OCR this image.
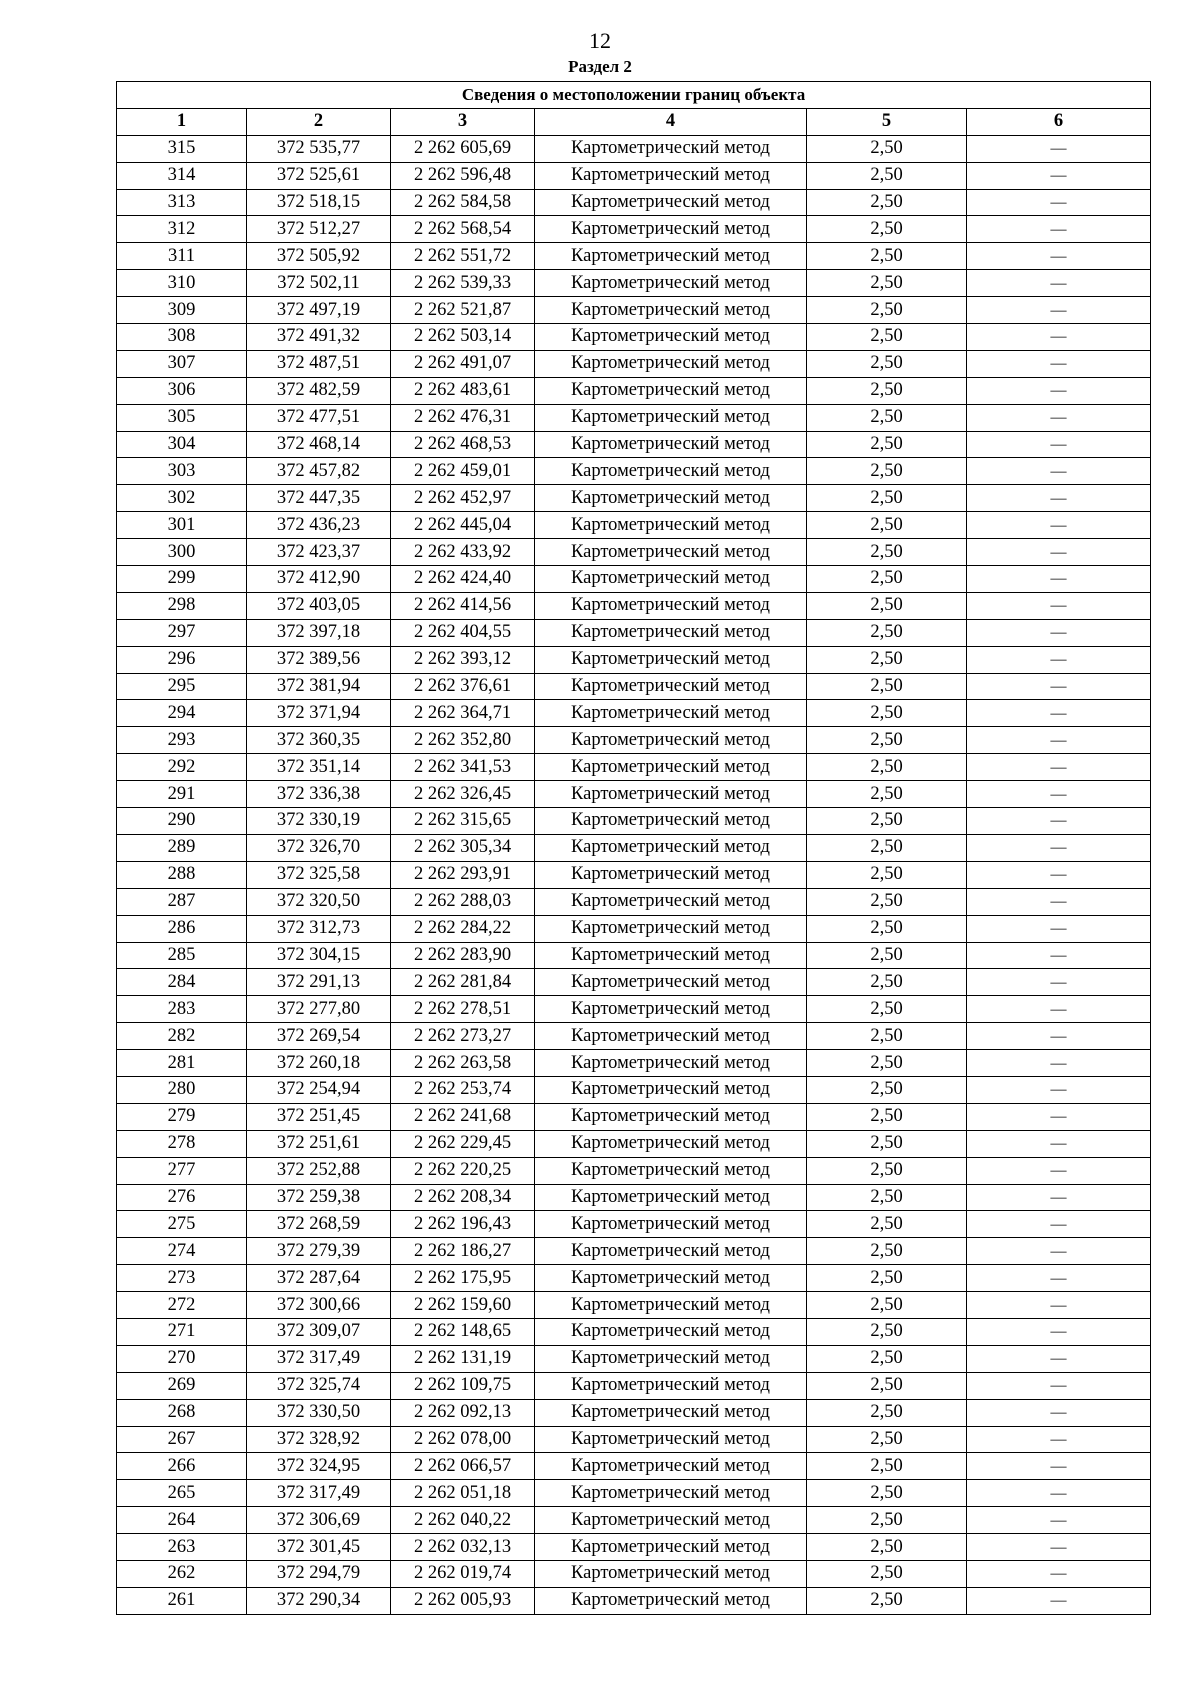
12
Раздел 2
Сведения о местоположении границ объекта					
1	2	3	4	5	6
315	372 535,77	2 262 605,69	Картометрический метод	2,50	—
314	372 525,61	2 262 596,48	Картометрический метод	2,50	—
313	372 518,15	2 262 584,58	Картометрический метод	2,50	—
312	372 512,27	2 262 568,54	Картометрический метод	2,50	—
311	372 505,92	2 262 551,72	Картометрический метод	2,50	—
310	372 502,11	2 262 539,33	Картометрический метод	2,50	—
309	372 497,19	2 262 521,87	Картометрический метод	2,50	—
308	372 491,32	2 262 503,14	Картометрический метод	2,50	—
307	372 487,51	2 262 491,07	Картометрический метод	2,50	—
306	372 482,59	2 262 483,61	Картометрический метод	2,50	—
305	372 477,51	2 262 476,31	Картометрический метод	2,50	—
304	372 468,14	2 262 468,53	Картометрический метод	2,50	—
303	372 457,82	2 262 459,01	Картометрический метод	2,50	—
302	372 447,35	2 262 452,97	Картометрический метод	2,50	—
301	372 436,23	2 262 445,04	Картометрический метод	2,50	—
300	372 423,37	2 262 433,92	Картометрический метод	2,50	—
299	372 412,90	2 262 424,40	Картометрический метод	2,50	—
298	372 403,05	2 262 414,56	Картометрический метод	2,50	—
297	372 397,18	2 262 404,55	Картометрический метод	2,50	—
296	372 389,56	2 262 393,12	Картометрический метод	2,50	—
295	372 381,94	2 262 376,61	Картометрический метод	2,50	—
294	372 371,94	2 262 364,71	Картометрический метод	2,50	—
293	372 360,35	2 262 352,80	Картометрический метод	2,50	—
292	372 351,14	2 262 341,53	Картометрический метод	2,50	—
291	372 336,38	2 262 326,45	Картометрический метод	2,50	—
290	372 330,19	2 262 315,65	Картометрический метод	2,50	—
289	372 326,70	2 262 305,34	Картометрический метод	2,50	—
288	372 325,58	2 262 293,91	Картометрический метод	2,50	—
287	372 320,50	2 262 288,03	Картометрический метод	2,50	—
286	372 312,73	2 262 284,22	Картометрический метод	2,50	—
285	372 304,15	2 262 283,90	Картометрический метод	2,50	—
284	372 291,13	2 262 281,84	Картометрический метод	2,50	—
283	372 277,80	2 262 278,51	Картометрический метод	2,50	—
282	372 269,54	2 262 273,27	Картометрический метод	2,50	—
281	372 260,18	2 262 263,58	Картометрический метод	2,50	—
280	372 254,94	2 262 253,74	Картометрический метод	2,50	—
279	372 251,45	2 262 241,68	Картометрический метод	2,50	—
278	372 251,61	2 262 229,45	Картометрический метод	2,50	—
277	372 252,88	2 262 220,25	Картометрический метод	2,50	—
276	372 259,38	2 262 208,34	Картометрический метод	2,50	—
275	372 268,59	2 262 196,43	Картометрический метод	2,50	—
274	372 279,39	2 262 186,27	Картометрический метод	2,50	—
273	372 287,64	2 262 175,95	Картометрический метод	2,50	—
272	372 300,66	2 262 159,60	Картометрический метод	2,50	—
271	372 309,07	2 262 148,65	Картометрический метод	2,50	—
270	372 317,49	2 262 131,19	Картометрический метод	2,50	—
269	372 325,74	2 262 109,75	Картометрический метод	2,50	—
268	372 330,50	2 262 092,13	Картометрический метод	2,50	—
267	372 328,92	2 262 078,00	Картометрический метод	2,50	—
266	372 324,95	2 262 066,57	Картометрический метод	2,50	—
265	372 317,49	2 262 051,18	Картометрический метод	2,50	—
264	372 306,69	2 262 040,22	Картометрический метод	2,50	—
263	372 301,45	2 262 032,13	Картометрический метод	2,50	—
262	372 294,79	2 262 019,74	Картометрический метод	2,50	—
261	372 290,34	2 262 005,93	Картометрический метод	2,50	—
